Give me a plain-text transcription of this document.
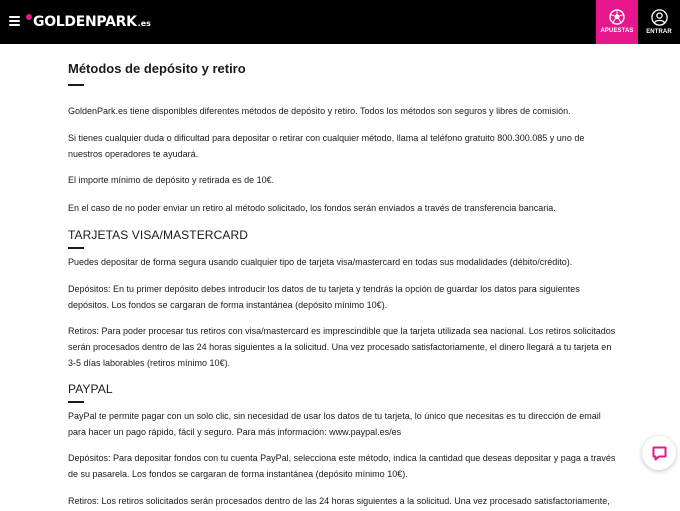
GOLDENPARK .es
APUESTAS ENTRAR
Métodos de depósito y retiro

GoldenPark.es tiene disponibles diferentes métodos de depósito y retiro. Todos los métodos son seguros y libres de comisión.

Si tienes cualquier duda o dificultad para depositar o retirar con cualquier método, llama al teléfono gratuito 800.300.085 y uno de nuestros operadores te ayudará.

El importe mínimo de depósito y retirada es de 10€.

En el caso de no poder enviar un retiro al método solicitado, los fondos serán enviados a través de transferencia bancaria.

TARJETAS VISA/MASTERCARD

Puedes depositar de forma segura usando cualquier tipo de tarjeta visa/mastercard en todas sus modalidades (débito/crédito).

Depósitos: En tu primer depósito debes introducir los datos de tu tarjeta y tendrás la opción de guardar los datos para siguientes depósitos. Los fondos se cargaran de forma instantánea (depósito mínimo 10€).

Retiros: Para poder procesar tus retiros con visa/mastercard es imprescindible que la tarjeta utilizada sea nacional. Los retiros solicitados serán procesados dentro de las 24 horas siguientes a la solicitud. Una vez procesado satisfactoriamente, el dinero llegará a tu tarjeta en 3-5 días laborables (retiros mínimo 10€).

PAYPAL

PayPal te permite pagar con un solo clic, sin necesidad de usar los datos de tu tarjeta, lo único que necesitas es tu dirección de email para hacer un pago rápido, fácil y seguro. Para más información: www.paypal.es/es

Depósitos: Para depositar fondos con tu cuenta PayPal, selecciona este método, indica la cantidad que deseas depositar y paga a través de su pasarela. Los fondos se cargaran de forma instantánea (depósito mínimo 10€).

Retiros: Los retiros solicitados serán procesados dentro de las 24 horas siguientes a la solicitud. Una vez procesado satisfactoriamente,
